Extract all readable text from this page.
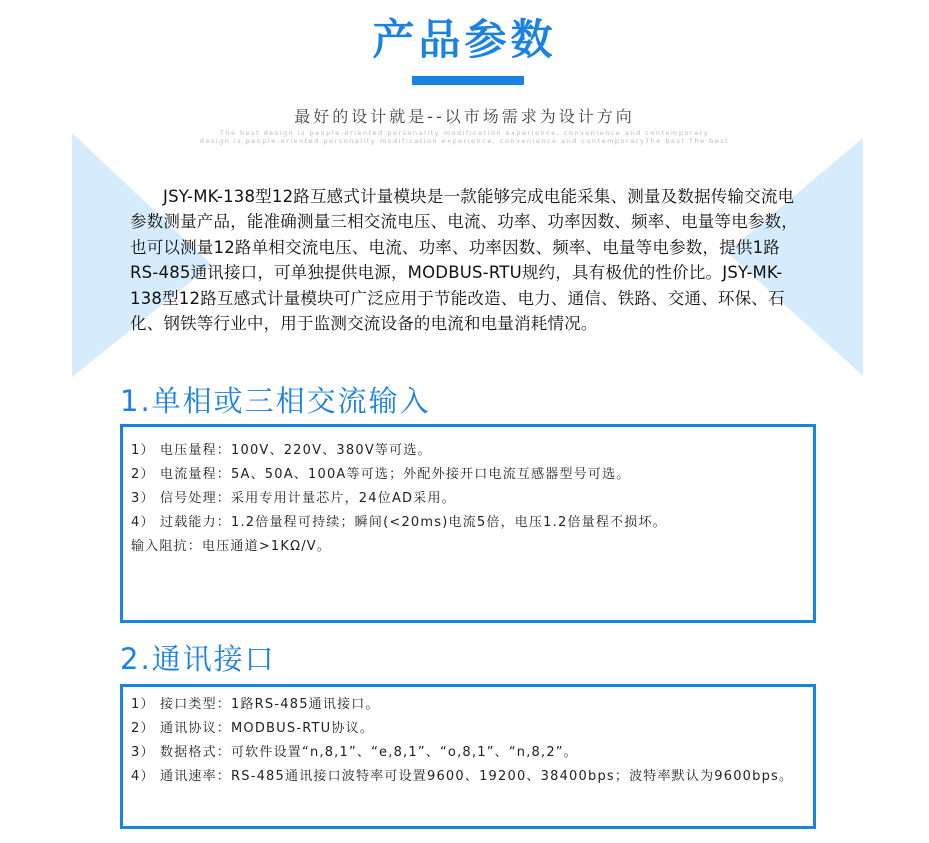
产品参数
最好的设计就是--以市场需求为设计方向
The best design is people-oriented personality modification experience, convenience and contemporary
design is people-oriented personality modification experience, convenience and contemporaryThe best The best

JSY-MK-138型12路互感式计量模块是一款能够完成电能采集、测量及数据传输交流电参数测量产品，能准确测量三相交流电压、电流、功率、功率因数、频率、电量等电参数，也可以测量12路单相交流电压、电流、功率、功率因数、频率、电量等电参数，提供1路RS-485通讯接口，可单独提供电源，MODBUS-RTU规约，具有极优的性价比。JSY-MK-138型12路互感式计量模块可广泛应用于节能改造、电力、通信、铁路、交通、环保、石化、钢铁等行业中，用于监测交流设备的电流和电量消耗情况。

1.单相或三相交流输入
1） 电压量程：100V、220V、380V等可选。
2） 电流量程：5A、50A、100A等可选；外配外接开口电流互感器型号可选。
3） 信号处理：采用专用计量芯片，24位AD采用。
4） 过载能力：1.2倍量程可持续；瞬间(<20ms)电流5倍，电压1.2倍量程不损坏。
输入阻抗：电压通道>1KΩ/V。
2.通讯接口
1） 接口类型：1路RS-485通讯接口。
2） 通讯协议：MODBUS-RTU协议。
3） 数据格式：可软件设置“n,8,1”、“e,8,1”、“o,8,1”、“n,8,2”。
4） 通讯速率：RS-485通讯接口波特率可设置9600、19200、38400bps；波特率默认为9600bps。
